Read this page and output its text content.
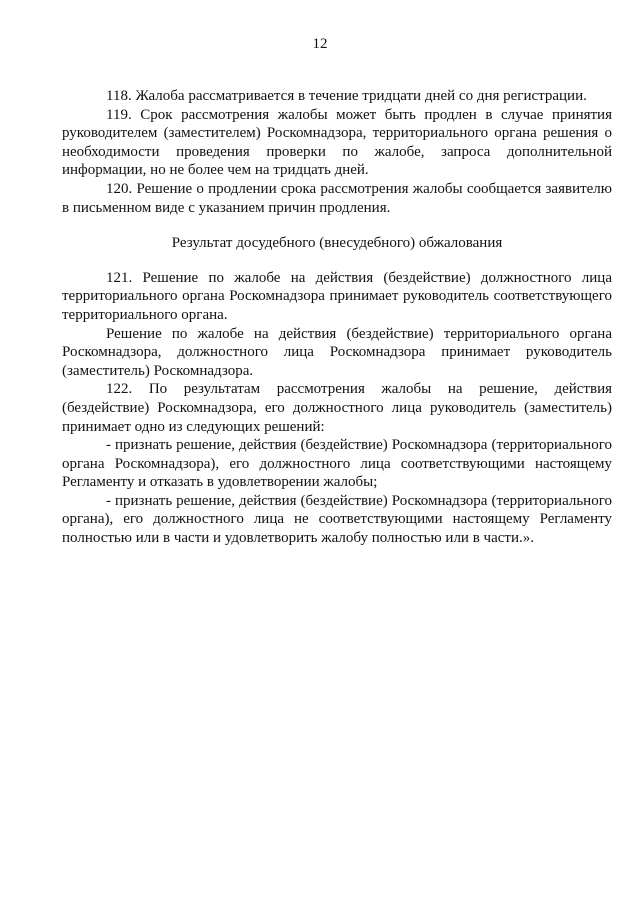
12

118. Жалоба рассматривается в течение тридцати дней со дня регистрации.

119. Срок рассмотрения жалобы может быть продлен в случае принятия руководителем (заместителем) Роскомнадзора, территориального органа решения о необходимости проведения проверки по жалобе, запроса дополнительной информации, но не более чем на тридцать дней.

120. Решение о продлении срока рассмотрения жалобы сообщается заявителю в письменном виде с указанием причин продления.

Результат досудебного (внесудебного) обжалования

121. Решение по жалобе на действия (бездействие) должностного лица территориального органа Роскомнадзора принимает руководитель соответствующего территориального органа.

Решение по жалобе на действия (бездействие) территориального органа Роскомнадзора, должностного лица Роскомнадзора принимает руководитель (заместитель) Роскомнадзора.

122. По результатам рассмотрения жалобы на решение, действия (бездействие) Роскомнадзора, его должностного лица руководитель (заместитель) принимает одно из следующих решений:

- признать решение, действия (бездействие) Роскомнадзора (территориального органа Роскомнадзора), его должностного лица соответствующими настоящему Регламенту и отказать в удовлетворении жалобы;

- признать решение, действия (бездействие) Роскомнадзора (территориального органа), его должностного лица не соответствующими настоящему Регламенту полностью или в части и удовлетворить жалобу полностью или в части.».
